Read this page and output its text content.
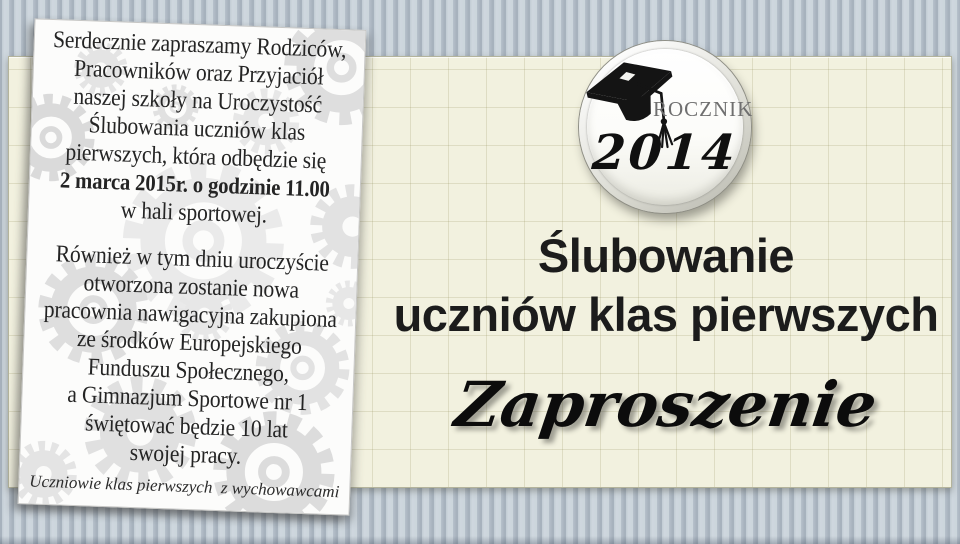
Serdecznie zapraszamy Rodziców,
Pracowników oraz Przyjaciół
naszej szkoły na Uroczystość
Ślubowania uczniów klas
pierwszych, która odbędzie się
2 marca 2015r. o godzinie 11.00
w hali sportowej.
Również w tym dniu uroczyście
otworzona zostanie nowa
pracownia nawigacyjna zakupiona
ze środków Europejskiego
Funduszu Społecznego,
a Gimnazjum Sportowe nr 1
świętować będzie 10 lat
swojej pracy.
Uczniowie klas pierwszych  z wychowawcami
Ślubowanie
uczniów klas pierwszych
Zaproszenie
ROCZNIK
2014
